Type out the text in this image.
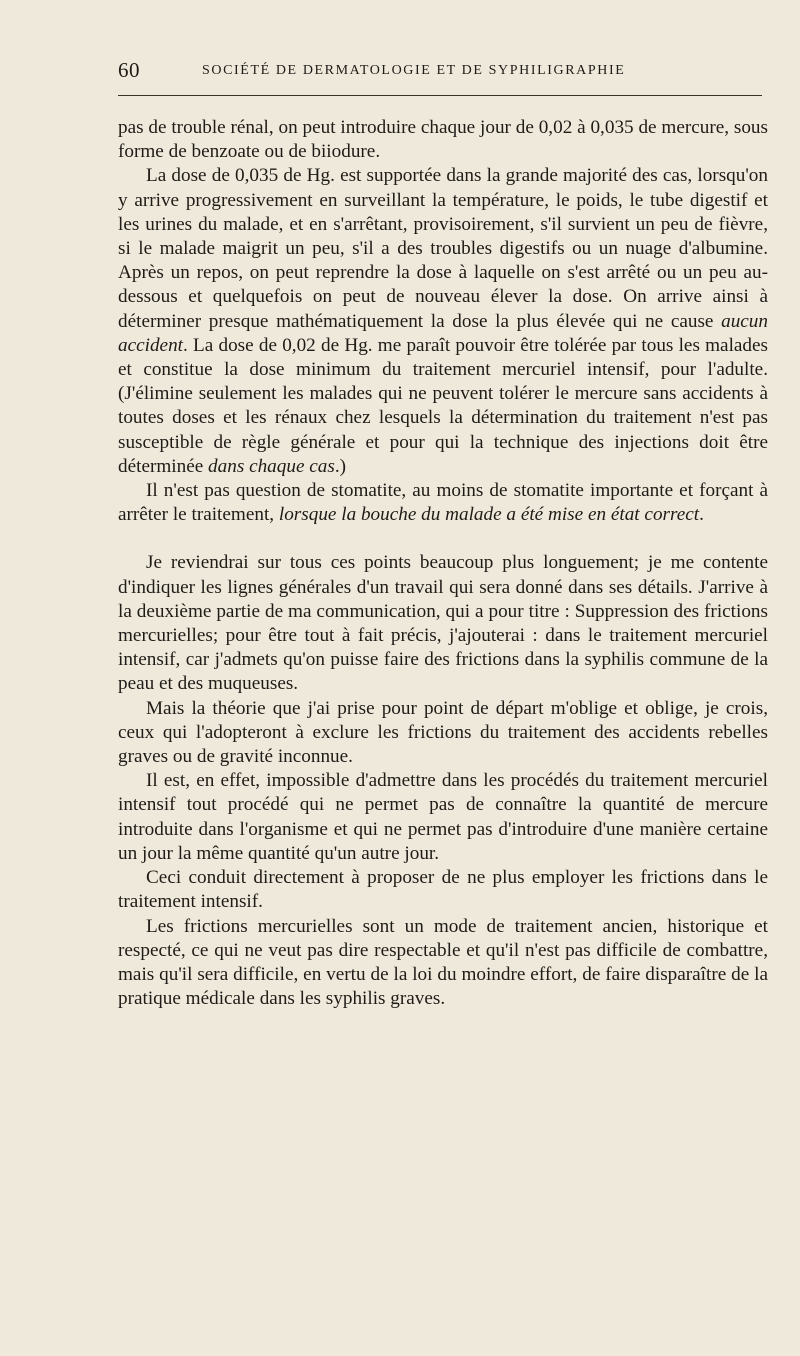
60	SOCIÉTÉ DE DERMATOLOGIE ET DE SYPHILIGRAPHIE

pas de trouble rénal, on peut introduire chaque jour de 0,02 à 0,035 de mercure, sous forme de benzoate ou de biiodure.

La dose de 0,035 de Hg. est supportée dans la grande majorité des cas, lorsqu'on y arrive progressivement en surveillant la température, le poids, le tube digestif et les urines du malade, et en s'arrêtant, provisoirement, s'il survient un peu de fièvre, si le malade maigrit un peu, s'il a des troubles digestifs ou un nuage d'albumine. Après un repos, on peut reprendre la dose à laquelle on s'est arrêté ou un peu au-dessous et quelquefois on peut de nouveau élever la dose. On arrive ainsi à déterminer presque mathématiquement la dose la plus élevée qui ne cause aucun accident. La dose de 0,02 de Hg. me paraît pouvoir être tolérée par tous les malades et constitue la dose minimum du traitement mercuriel intensif, pour l'adulte. (J'élimine seulement les malades qui ne peuvent tolérer le mercure sans accidents à toutes doses et les rénaux chez lesquels la détermination du traitement n'est pas susceptible de règle générale et pour qui la technique des injections doit être déterminée dans chaque cas.)

Il n'est pas question de stomatite, au moins de stomatite importante et forçant à arrêter le traitement, lorsque la bouche du malade a été mise en état correct.

Je reviendrai sur tous ces points beaucoup plus longuement; je me contente d'indiquer les lignes générales d'un travail qui sera donné dans ses détails. J'arrive à la deuxième partie de ma communication, qui a pour titre : Suppression des frictions mercurielles; pour être tout à fait précis, j'ajouterai : dans le traitement mercuriel intensif, car j'admets qu'on puisse faire des frictions dans la syphilis commune de la peau et des muqueuses.

Mais la théorie que j'ai prise pour point de départ m'oblige et oblige, je crois, ceux qui l'adopteront à exclure les frictions du traitement des accidents rebelles graves ou de gravité inconnue.

Il est, en effet, impossible d'admettre dans les procédés du traitement mercuriel intensif tout procédé qui ne permet pas de connaître la quantité de mercure introduite dans l'organisme et qui ne permet pas d'introduire d'une manière certaine un jour la même quantité qu'un autre jour.

Ceci conduit directement à proposer de ne plus employer les frictions dans le traitement intensif.

Les frictions mercurielles sont un mode de traitement ancien, historique et respecté, ce qui ne veut pas dire respectable et qu'il n'est pas difficile de combattre, mais qu'il sera difficile, en vertu de la loi du moindre effort, de faire disparaître de la pratique médicale dans les syphilis graves.
